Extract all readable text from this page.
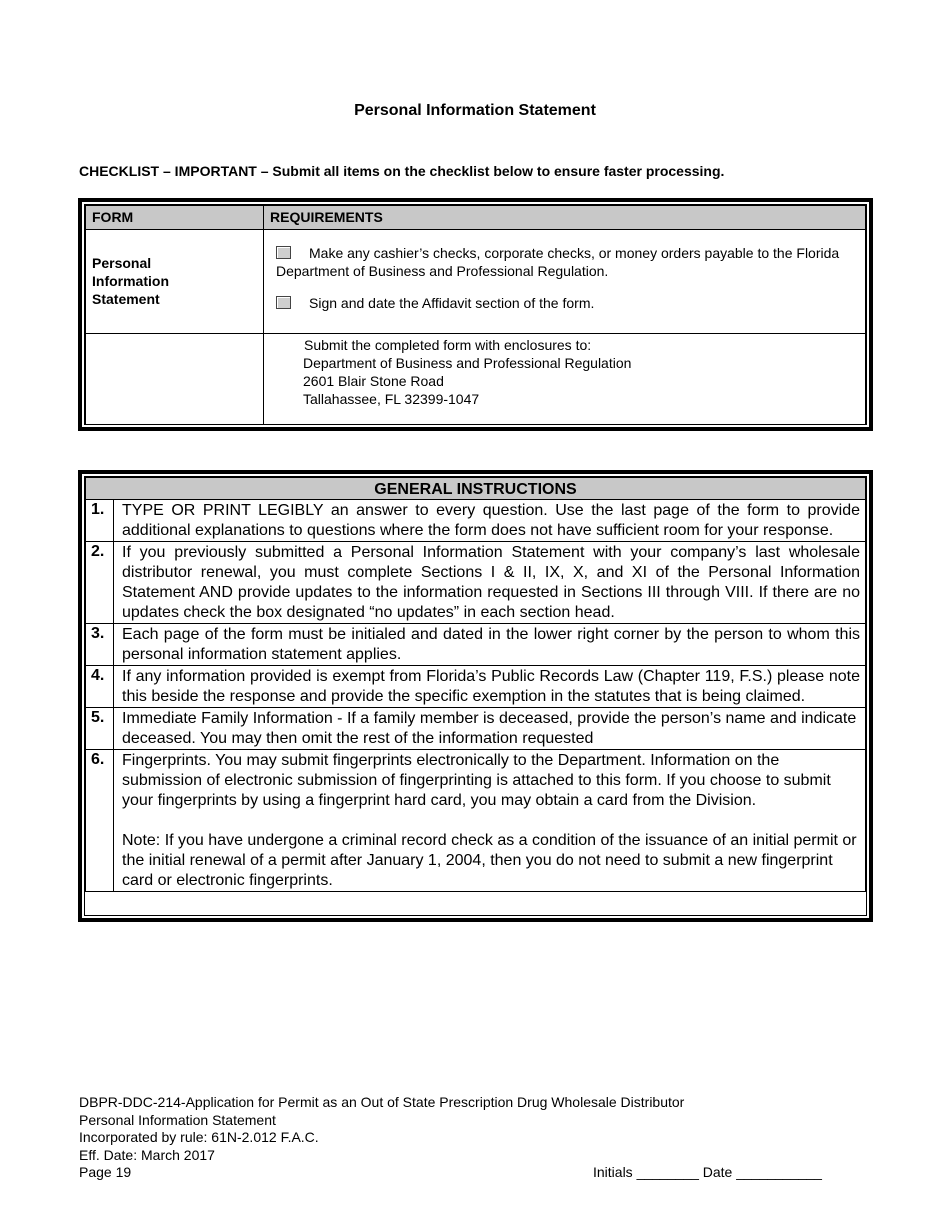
Personal Information Statement
CHECKLIST – IMPORTANT – Submit all items on the checklist below to ensure faster processing.
FORM	REQUIREMENTS

Personal Information Statement	Make any cashier’s checks, corporate checks, or money orders payable to the Florida Department of Business and Professional Regulation.
Sign and date the Affidavit section of the form.

	Submit the completed form with enclosures to:
Department of Business and Professional Regulation
2601 Blair Stone Road
Tallahassee, FL 32399-1047
GENERAL INSTRUCTIONS	
1.	TYPE OR PRINT LEGIBLY an answer to every question. Use the last page of the form to provide additional explanations to questions where the form does not have sufficient room for your response.
2.	If you previously submitted a Personal Information Statement with your company’s last wholesale distributor renewal, you must complete Sections I & II, IX, X, and XI of the Personal Information Statement AND provide updates to the information requested in Sections III through VIII. If there are no updates check the box designated “no updates” in each section head.
3.	Each page of the form must be initialed and dated in the lower right corner by the person to whom this personal information statement applies.
4.	If any information provided is exempt from Florida’s Public Records Law (Chapter 119, F.S.) please note this beside the response and provide the specific exemption in the statutes that is being claimed.
5.	Immediate Family Information - If a family member is deceased, provide the person’s name and indicate deceased. You may then omit the rest of the information requested
6.	Fingerprints. You may submit fingerprints electronically to the Department. Information on the submission of electronic submission of fingerprinting is attached to this form. If you choose to submit your fingerprints by using a fingerprint hard card, you may obtain a card from the Division.

Note: If you have undergone a criminal record check as a condition of the issuance of an initial permit or the initial renewal of a permit after January 1, 2004, then you do not need to submit a new fingerprint card or electronic fingerprints.

DBPR-DDC-214-Application for Permit as an Out of State Prescription Drug Wholesale Distributor
Personal Information Statement
Incorporated by rule: 61N-2.012 F.A.C.
Eff. Date: March 2017
Page 19	Initials ________ Date ___________
